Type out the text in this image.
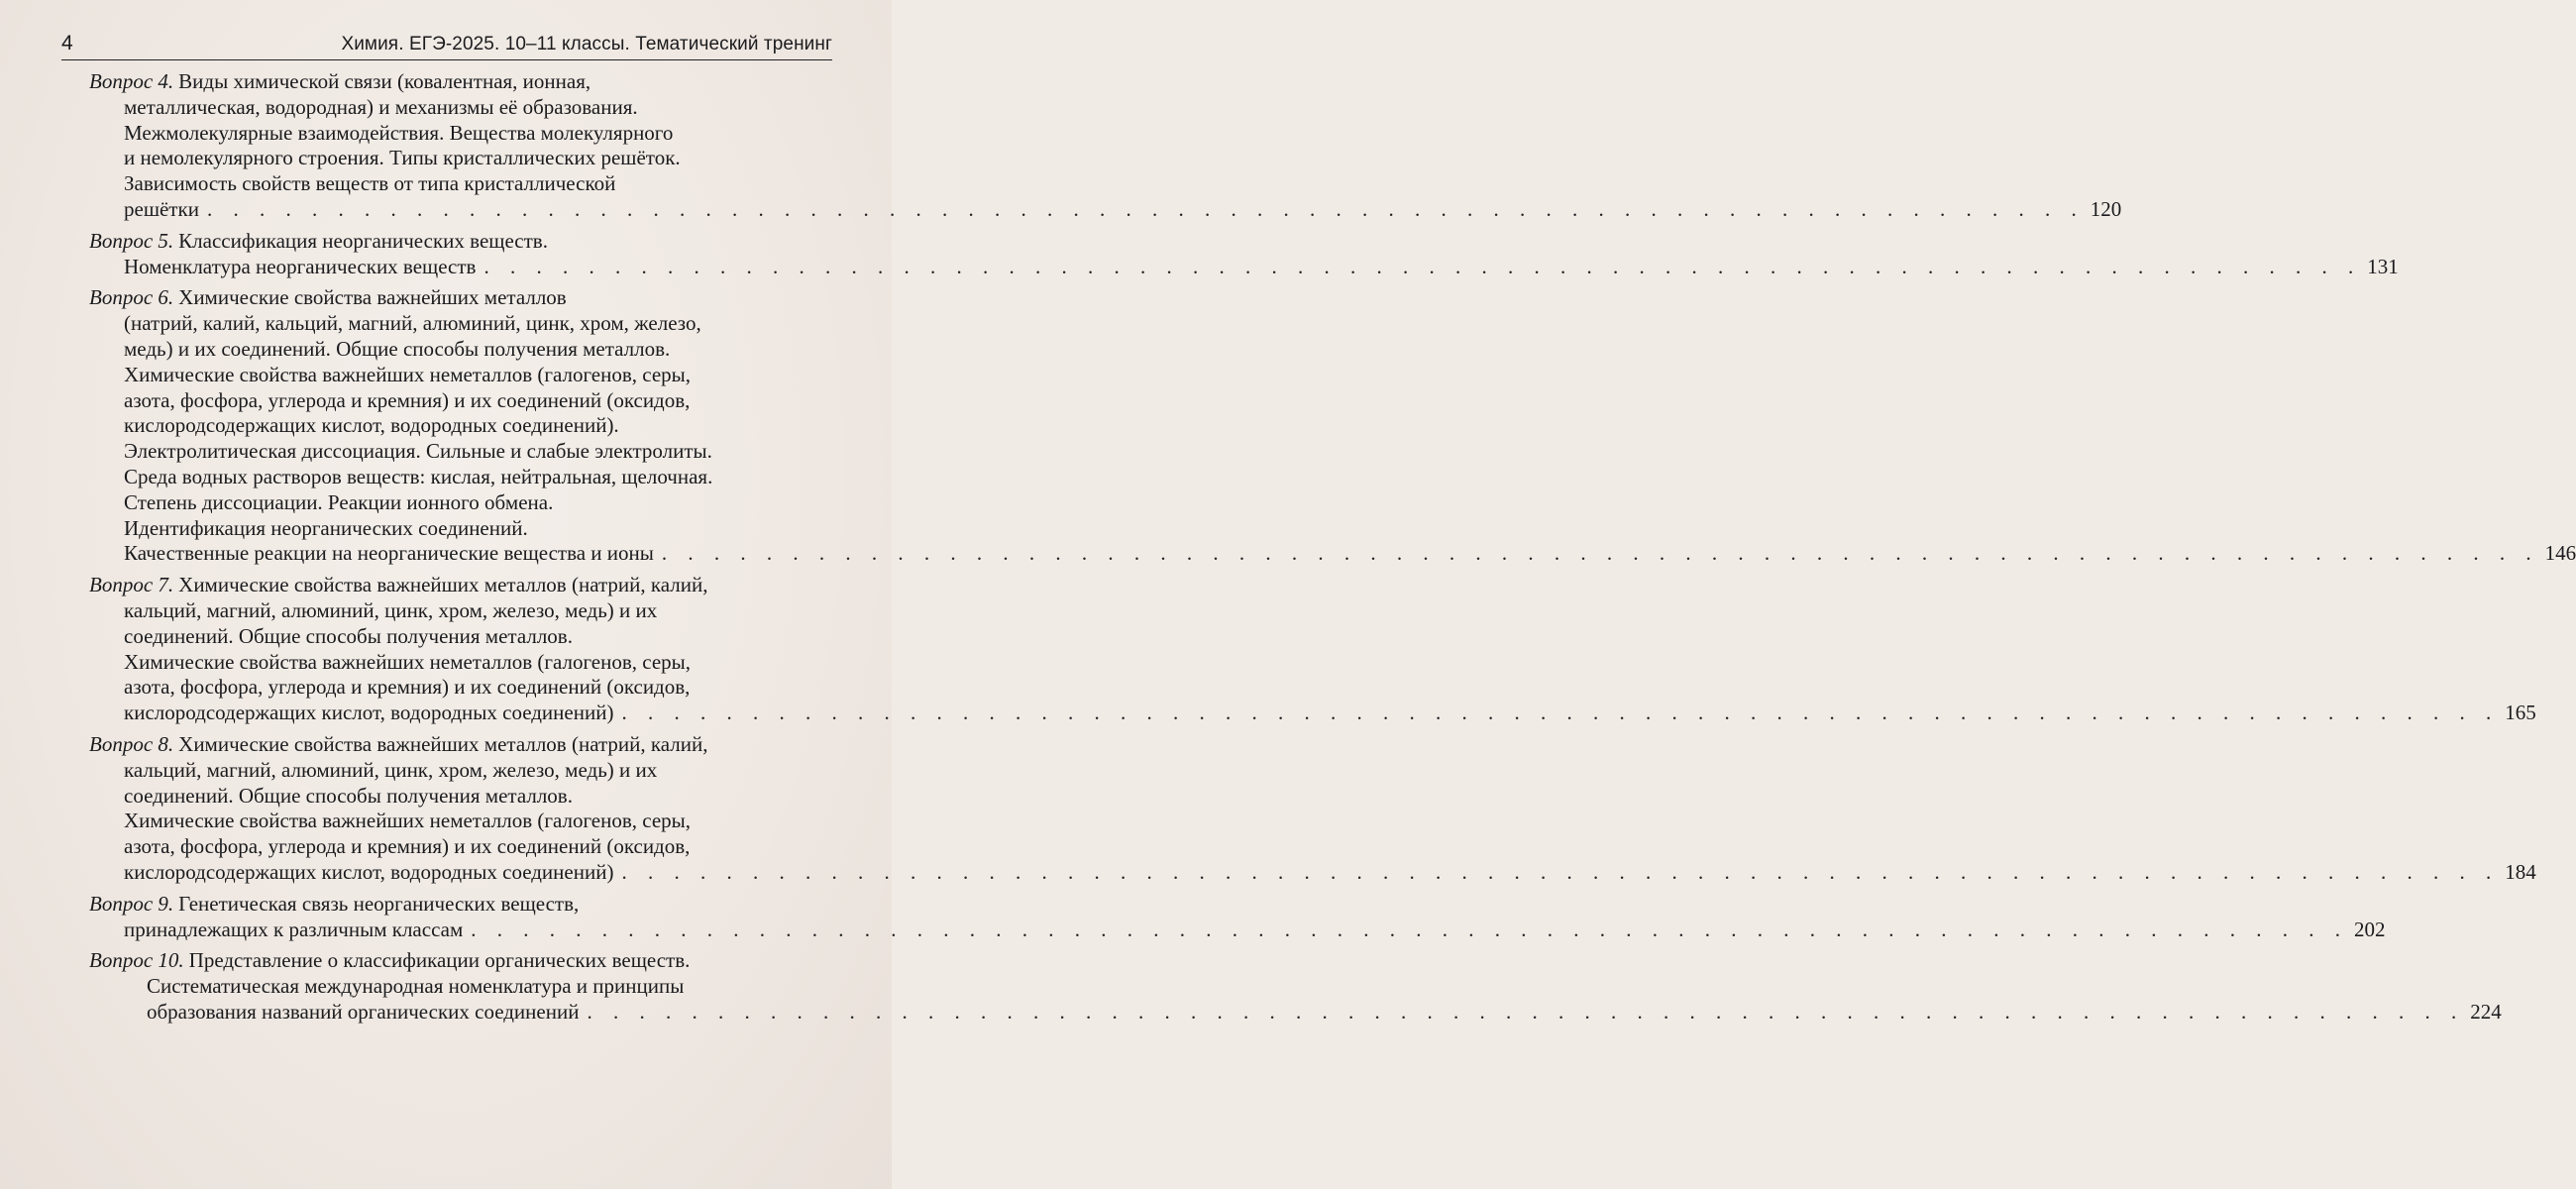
4	Химия. ЕГЭ-2025. 10–11 классы. Тематический тренинг
Вопрос 4. Виды химической связи (ковалентная, ионная,
металлическая, водородная) и механизмы её образования.
Межмолекулярные взаимодействия. Вещества молекулярного
и немолекулярного строения. Типы кристаллических решёток.
Зависимость свойств веществ от типа кристаллической
решётки . . .	120
Вопрос 5. Классификация неорганических веществ.
Номенклатура неорганических веществ . . .	131
Вопрос 6. Химические свойства важнейших металлов
(натрий, калий, кальций, магний, алюминий, цинк, хром, железо,
медь) и их соединений. Общие способы получения металлов.
Химические свойства важнейших неметаллов (галогенов, серы,
азота, фосфора, углерода и кремния) и их соединений (оксидов,
кислородсодержащих кислот, водородных соединений).
Электролитическая диссоциация. Сильные и слабые электролиты.
Среда водных растворов веществ: кислая, нейтральная, щелочная.
Степень диссоциации. Реакции ионного обмена.
Идентификация неорганических соединений.
Качественные реакции на неорганические вещества и ионы . . .	146
Вопрос 7. Химические свойства важнейших металлов (натрий, калий,
кальций, магний, алюминий, цинк, хром, железо, медь) и их
соединений. Общие способы получения металлов.
Химические свойства важнейших неметаллов (галогенов, серы,
азота, фосфора, углерода и кремния) и их соединений (оксидов,
кислородсодержащих кислот, водородных соединений) . . .	165
Вопрос 8. Химические свойства важнейших металлов (натрий, калий,
кальций, магний, алюминий, цинк, хром, железо, медь) и их
соединений. Общие способы получения металлов.
Химические свойства важнейших неметаллов (галогенов, серы,
азота, фосфора, углерода и кремния) и их соединений (оксидов,
кислородсодержащих кислот, водородных соединений) . . .	184
Вопрос 9. Генетическая связь неорганических веществ,
принадлежащих к различным классам . . .	202
Вопрос 10. Представление о классификации органических веществ.
Систематическая международная номенклатура и принципы
образования названий органических соединений . . .	224
